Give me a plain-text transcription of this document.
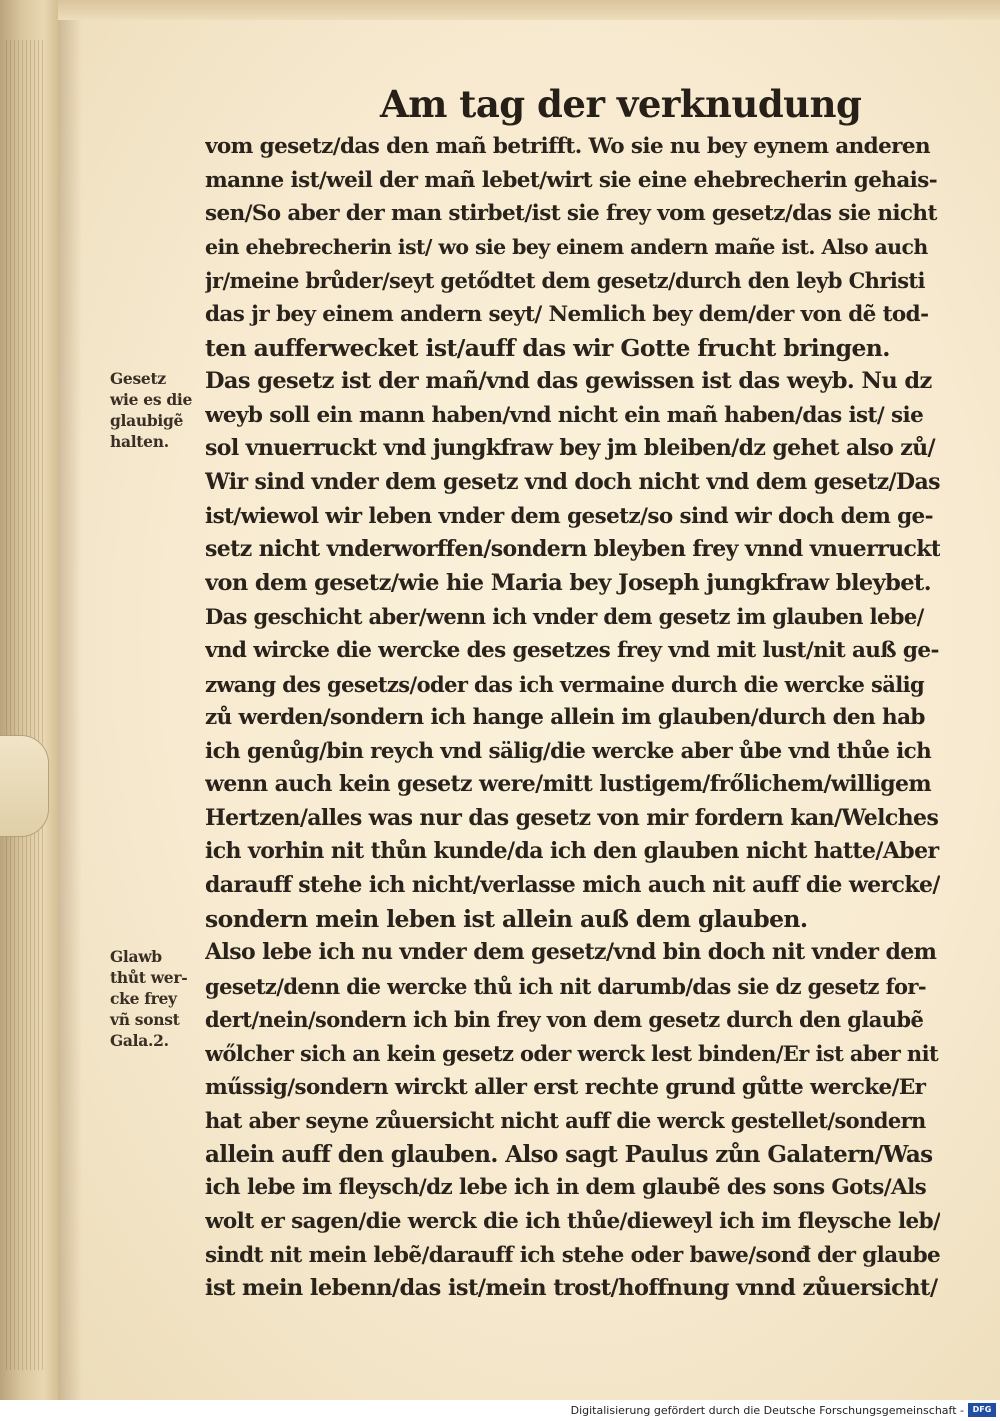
Am tag der verknudung
vom gesetz/das den mañ betrifft. Wo sie nu bey eynem anderen
manne ist/weil der mañ lebet/wirt sie eine ehebrecherin gehais-
sen/So aber der man stirbet/ist sie frey vom gesetz/das sie nicht
ein ehebrecherin ist/ wo sie bey einem andern mañe ist. Also auch
jr/meine brůder/seyt getődtet dem gesetz/durch den leyb Christi
das jr bey einem andern seyt/ Nemlich bey dem/der von dẽ tod-
ten aufferwecket ist/auff das wir Gotte frucht bringen.
Das gesetz ist der mañ/vnd das gewissen ist das weyb. Nu dz
weyb soll ein mann haben/vnd nicht ein mañ haben/das ist/ sie
sol vnuerruckt vnd jungkfraw bey jm bleiben/dz gehet also zů/
Wir sind vnder dem gesetz vnd doch nicht vnd dem gesetz/Das
ist/wiewol wir leben vnder dem gesetz/so sind wir doch dem ge-
setz nicht vnderworffen/sondern bleyben frey vnnd vnuerruckt
von dem gesetz/wie hie Maria bey Joseph jungkfraw bleybet.
Das geschicht aber/wenn ich vnder dem gesetz im glauben lebe/
vnd wircke die wercke des gesetzes frey vnd mit lust/nit auß ge-
zwang des gesetzs/oder das ich vermaine durch die wercke sälig
zů werden/sondern ich hange allein im glauben/durch den hab
ich genůg/bin reych vnd sälig/die wercke aber ůbe vnd thůe ich
wenn auch kein gesetz were/mitt lustigem/frőlichem/willigem
Hertzen/alles was nur das gesetz von mir fordern kan/Welches
ich vorhin nit thůn kunde/da ich den glauben nicht hatte/Aber
darauff stehe ich nicht/verlasse mich auch nit auff die wercke/
sondern mein leben ist allein auß dem glauben.
Also lebe ich nu vnder dem gesetz/vnd bin doch nit vnder dem
gesetz/denn die wercke thů ich nit darumb/das sie dz gesetz for-
dert/nein/sondern ich bin frey von dem gesetz durch den glaubẽ
wőlcher sich an kein gesetz oder werck lest binden/Er ist aber nit
műssig/sondern wirckt aller erst rechte grund gůtte wercke/Er
hat aber seyne zůuersicht nicht auff die werck gestellet/sondern
allein auff den glauben. Also sagt Paulus zůn Galatern/Was
ich lebe im fleysch/dz lebe ich in dem glaubẽ des sons Gots/Als
wolt er sagen/die werck die ich thůe/dieweyl ich im fleysche leb/
sindt nit mein lebẽ/darauff ich stehe oder bawe/sonđ der glaube
ist mein lebenn/das ist/mein trost/hoffnung vnnd zůuersicht/
Gesetz
wie es die
glaubigẽ
halten.
Glawb
thůt wer-
cke frey
vñ sonst
Gala.2.
Digitalisierung gefördert durch die Deutsche Forschungsgemeinschaft -	DFG
